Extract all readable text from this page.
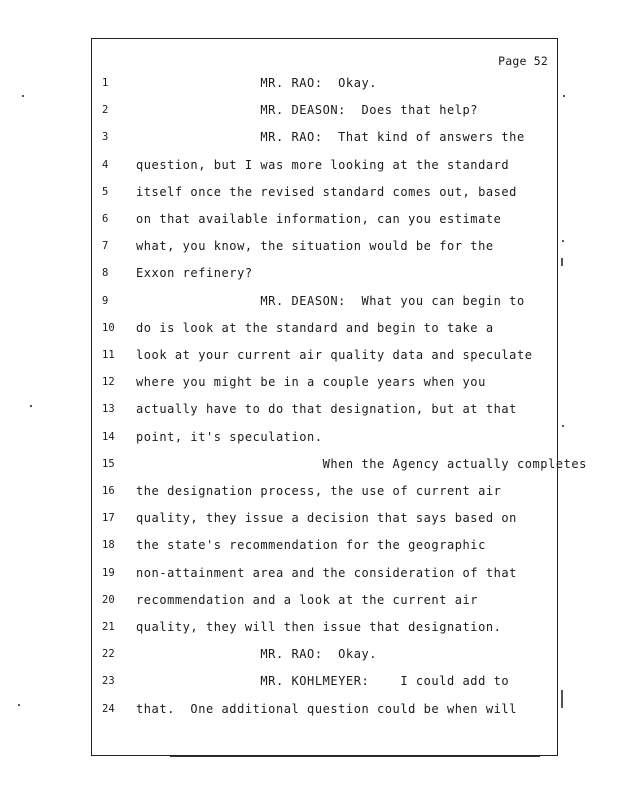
Page 52
1	MR. RAO:  Okay.
2	MR. DEASON:  Does that help?
3	MR. RAO:  That kind of answers the
4	question, but I was more looking at the standard
5	itself once the revised standard comes out, based
6	on that available information, can you estimate
7	what, you know, the situation would be for the
8	Exxon refinery?
9	MR. DEASON:  What you can begin to
10	do is look at the standard and begin to take a
11	look at your current air quality data and speculate
12	where you might be in a couple years when you
13	actually have to do that designation, but at that
14	point, it's speculation.
15	When the Agency actually completes
16	the designation process, the use of current air
17	quality, they issue a decision that says based on
18	the state's recommendation for the geographic
19	non-attainment area and the consideration of that
20	recommendation and a look at the current air
21	quality, they will then issue that designation.
22	MR. RAO:  Okay.
23	MR. KOHLMEYER:    I could add to
24	that.  One additional question could be when will
